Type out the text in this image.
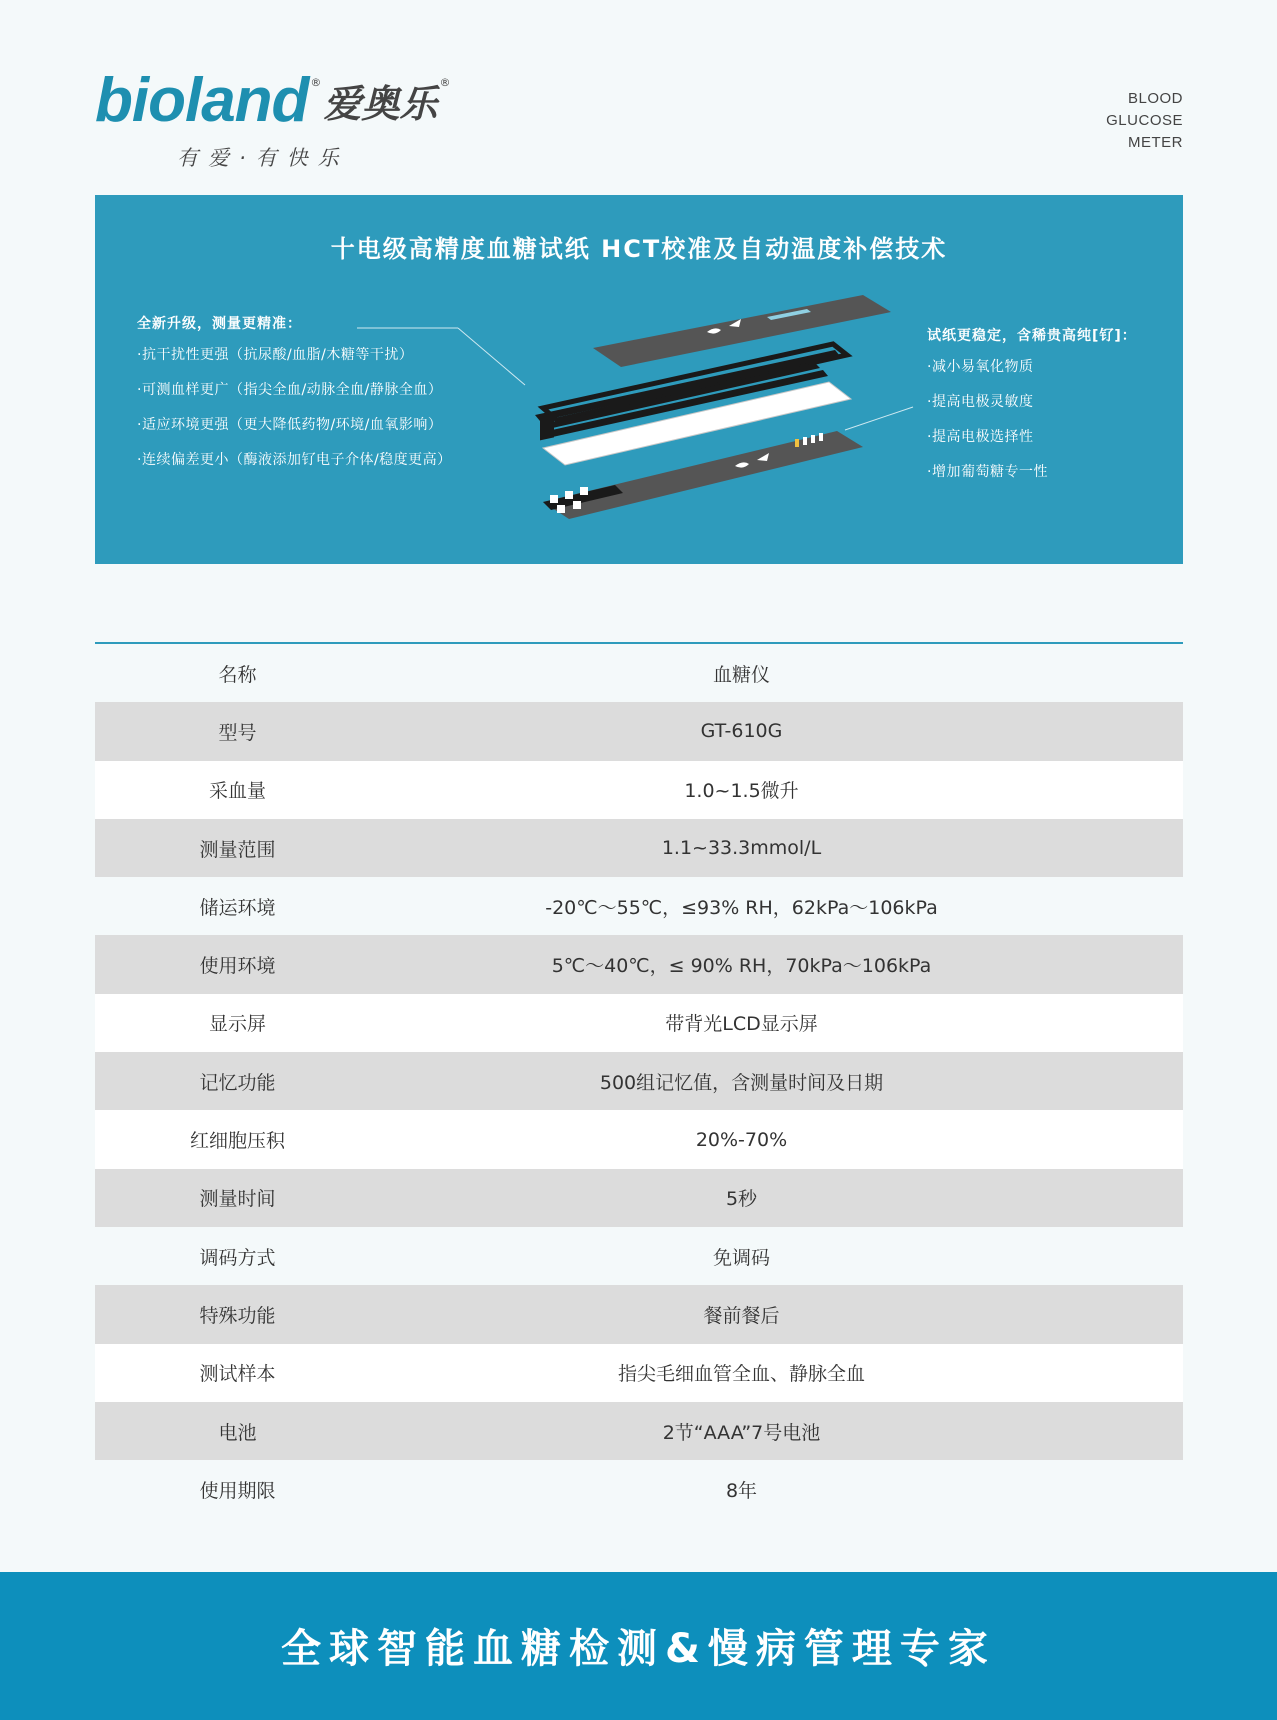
bioland ® 爱奥乐 ®
有爱·有快乐
BLOOD
GLUCOSE
METER
十电级高精度血糖试纸 HCT校准及自动温度补偿技术
全新升级，测量更精准：
·抗干扰性更强（抗尿酸/血脂/木糖等干扰）
·可测血样更广（指尖全血/动脉全血/静脉全血）
·适应环境更强（更大降低药物/环境/血氧影响）
·连续偏差更小（酶液添加钌电子介体/稳度更高）
试纸更稳定，含稀贵高纯[钌]：
·减小易氧化物质
·提高电极灵敏度
·提高电极选择性
·增加葡萄糖专一性
名称	血糖仪
型号	GT-610G
采血量	1.0~1.5微升
测量范围	1.1~33.3mmol/L
储运环境	-20℃～55℃，≤93% RH，62kPa～106kPa
使用环境	5℃～40℃，≤ 90% RH，70kPa～106kPa
显示屏	带背光LCD显示屏
记忆功能	500组记忆值，含测量时间及日期
红细胞压积	20%-70%
测量时间	5秒
调码方式	免调码
特殊功能	餐前餐后
测试样本	指尖毛细血管全血、静脉全血
电池	2节“AAA”7号电池
使用期限	8年
全球智能血糖检测&慢病管理专家
